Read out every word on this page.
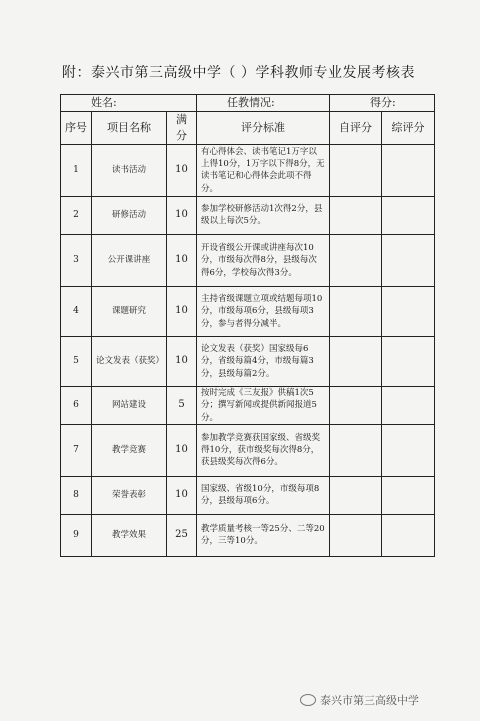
附：泰兴市第三高级中学（ ）学科教师专业发展考核表
姓名:			任教情况:	得分:	
序号	项目名称	满分	评分标准	自评分	综评分
1	读书活动	10	有心得体会、读书笔记1万字以上得10分，1万字以下得8分，无读书笔记和心得体会此项不得分。		
2	研修活动	10	参加学校研修活动1次得2分，县级以上每次5分。		
3	公开课讲座	10	开设省级公开课或讲座每次10分，市级每次得8分，县级每次得6分，学校每次得3分。		
4	课题研究	10	主持省级课题立项或结题每项10分，市级每项6分，县级每项3分，参与者得分减半。		
5	论文发表（获奖）	10	论文发表（获奖）国家级每6分，省级每篇4分，市级每篇3分，县级每篇2分。		
6	网站建设	5	按时完成《三友报》供稿1次5分；撰写新闻或提供新闻报道5分。		
7	教学竞赛	10	参加教学竞赛获国家级、省级奖得10分，获市级奖每次得8分，获县级奖每次得6分。		
8	荣誉表彰	10	国家级、省级10分，市级每项8分，县级每项6分。		
9	教学效果	25	教学质量考核一等25分、二等20分，三等10分。		
泰兴市第三高级中学
